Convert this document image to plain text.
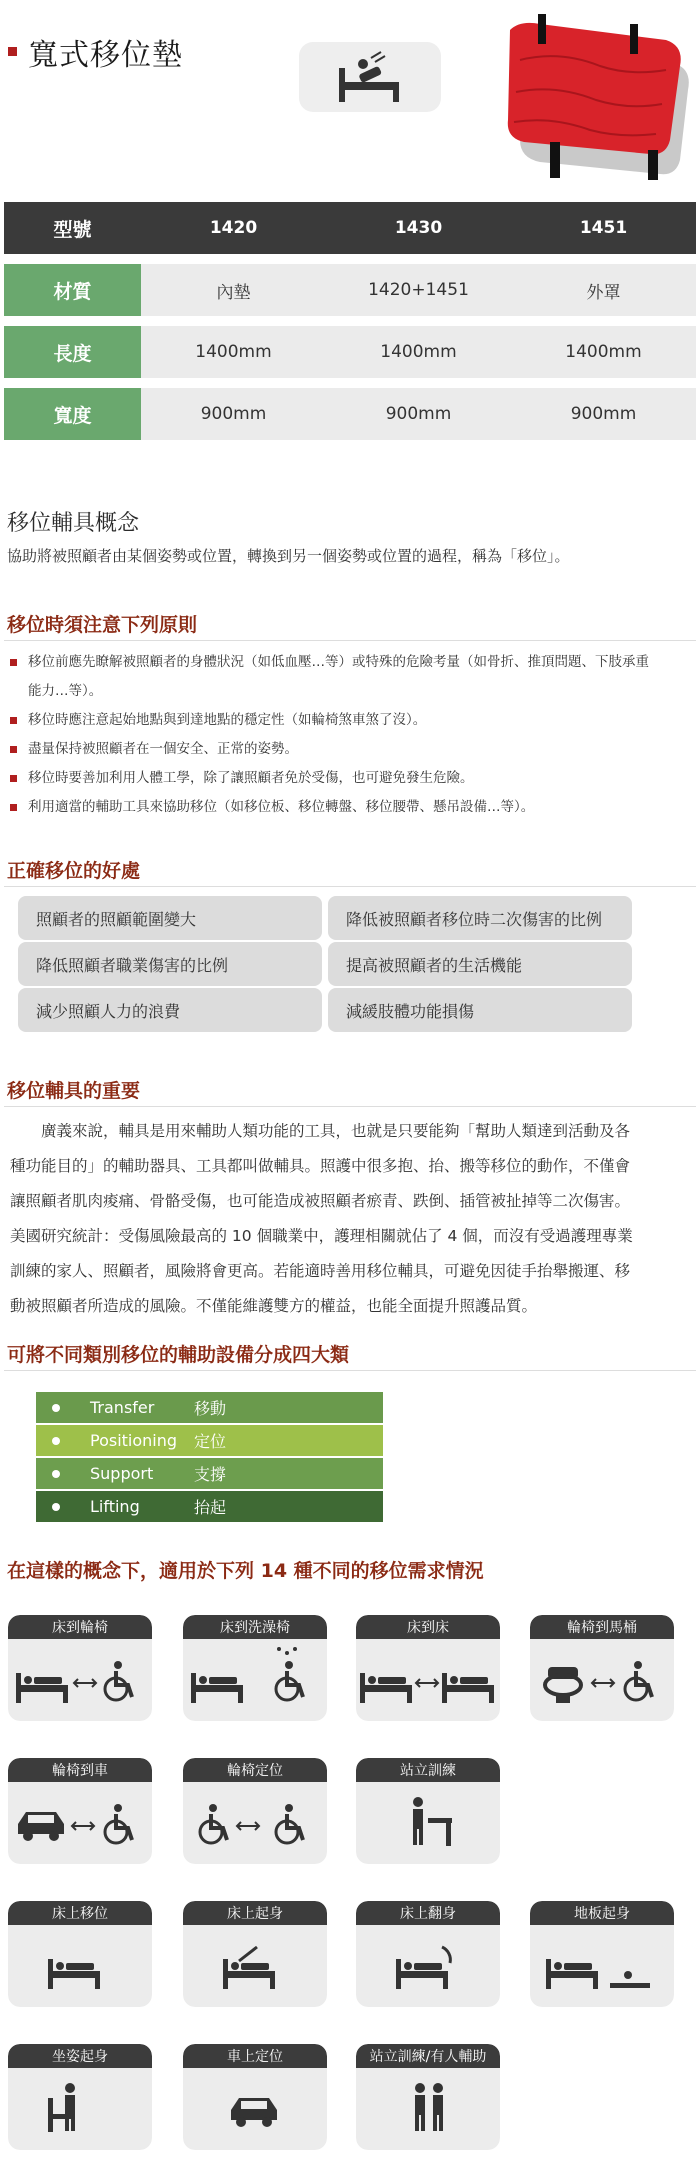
寬式移位墊
型號	1420	1430	1451
材質	內墊	1420+1451	外罩
長度	1400mm	1400mm	1400mm
寬度	900mm	900mm	900mm
移位輔具概念
協助將被照顧者由某個姿勢或位置，轉換到另一個姿勢或位置的過程，稱為「移位」。
移位時須注意下列原則
移位前應先瞭解被照顧者的身體狀況（如低血壓…等）或特殊的危險考量（如骨折、推頂問題、下肢承重
能力…等）。
移位時應注意起始地點與到達地點的穩定性（如輪椅煞車煞了沒）。
盡量保持被照顧者在一個安全、正常的姿勢。
移位時要善加利用人體工學，除了讓照顧者免於受傷，也可避免發生危險。
利用適當的輔助工具來協助移位（如移位板、移位轉盤、移位腰帶、懸吊設備…等）。
正確移位的好處
照顧者的照顧範圍變大	降低被照顧者移位時二次傷害的比例
降低照顧者職業傷害的比例	提高被照顧者的生活機能
減少照顧人力的浪費	減緩肢體功能損傷
移位輔具的重要
　　廣義來說，輔具是用來輔助人類功能的工具，也就是只要能夠「幫助人類達到活動及各
種功能目的」的輔助器具、工具都叫做輔具。照護中很多抱、抬、搬等移位的動作，不僅會
讓照顧者肌肉痠痛、骨骼受傷，也可能造成被照顧者瘀青、跌倒、插管被扯掉等二次傷害。
美國研究統計：受傷風險最高的 10 個職業中，護理相關就佔了 4 個，而沒有受過護理專業
訓練的家人、照顧者，風險將會更高。若能適時善用移位輔具，可避免因徒手抬舉搬運、移
動被照顧者所造成的風險。不僅能維護雙方的權益，也能全面提升照護品質。
可將不同類別移位的輔助設備分成四大類
Transfer	移動
Positioning	定位
Support	支撐
Lifting	抬起
在這樣的概念下，適用於下列 14 種不同的移位需求情況
床到輪椅	床到洗澡椅	床到床	輪椅到馬桶
輪椅到車	輪椅定位	站立訓練
床上移位	床上起身	床上翻身	地板起身
坐姿起身	車上定位	站立訓練/有人輔助
